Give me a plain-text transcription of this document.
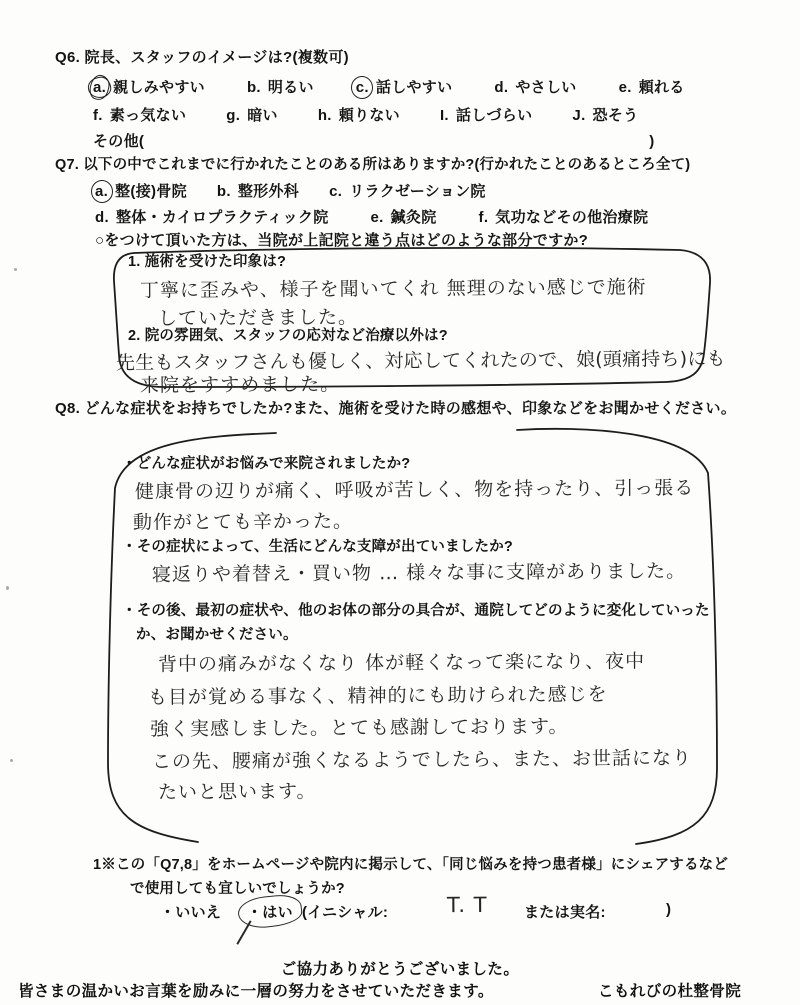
Q6. 院長、スタッフのイメージは?(複数可)
a. 親しみやすい	b. 明るい	c. 話しやすい	d. やさしい	e. 頼れる
f. 素っ気ない	g. 暗い	h. 頼りない	I. 話しづらい	J. 恐そう
その他(	)
Q7. 以下の中でこれまでに行かれたことのある所はありますか?(行かれたことのあるところ全て)
a. 整(接)骨院 b. 整形外科 c. リラクゼーション院
d. 整体・カイロプラクティック院	e. 鍼灸院	f. 気功などその他治療院
○をつけて頂いた方は、当院が上記院と違う点はどのような部分ですか?
1. 施術を受けた印象は?
丁寧に歪みや、様子を聞いてくれ 無理のない感じで施術
していただきました。
2. 院の雰囲気、スタッフの応対など治療以外は?
先生もスタッフさんも優しく、対応してくれたので、娘(頭痛持ち)にも
来院をすすめました。
Q8. どんな症状をお持ちでしたか?また、施術を受けた時の感想や、印象などをお聞かせください。
・どんな症状がお悩みで来院されましたか?
健康骨の辺りが痛く、呼吸が苦しく、物を持ったり、引っ張る
動作がとても辛かった。
・その症状によって、生活にどんな支障が出ていましたか?
寝返りや着替え・買い物 … 様々な事に支障がありました。
・その後、最初の症状や、他のお体の部分の具合が、通院してどのように変化していった
か、お聞かせください。
背中の痛みがなくなり 体が軽くなって楽になり、夜中
も目が覚める事なく、精神的にも助けられた感じを
強く実感しました。とても感謝しております。
この先、腰痛が強くなるようでしたら、また、お世話になり
たいと思います。
1※この「Q7,8」をホームページや院内に掲示して、「同じ悩みを持つ患者様」にシェアするなど
で使用しても宜しいでしょうか?
・いいえ ・はい (イニシャル:	T. T または実名:	)
ご協力ありがとうございました。
皆さまの温かいお言葉を励みに一層の努力をさせていただきます。	こもれびの杜整骨院
